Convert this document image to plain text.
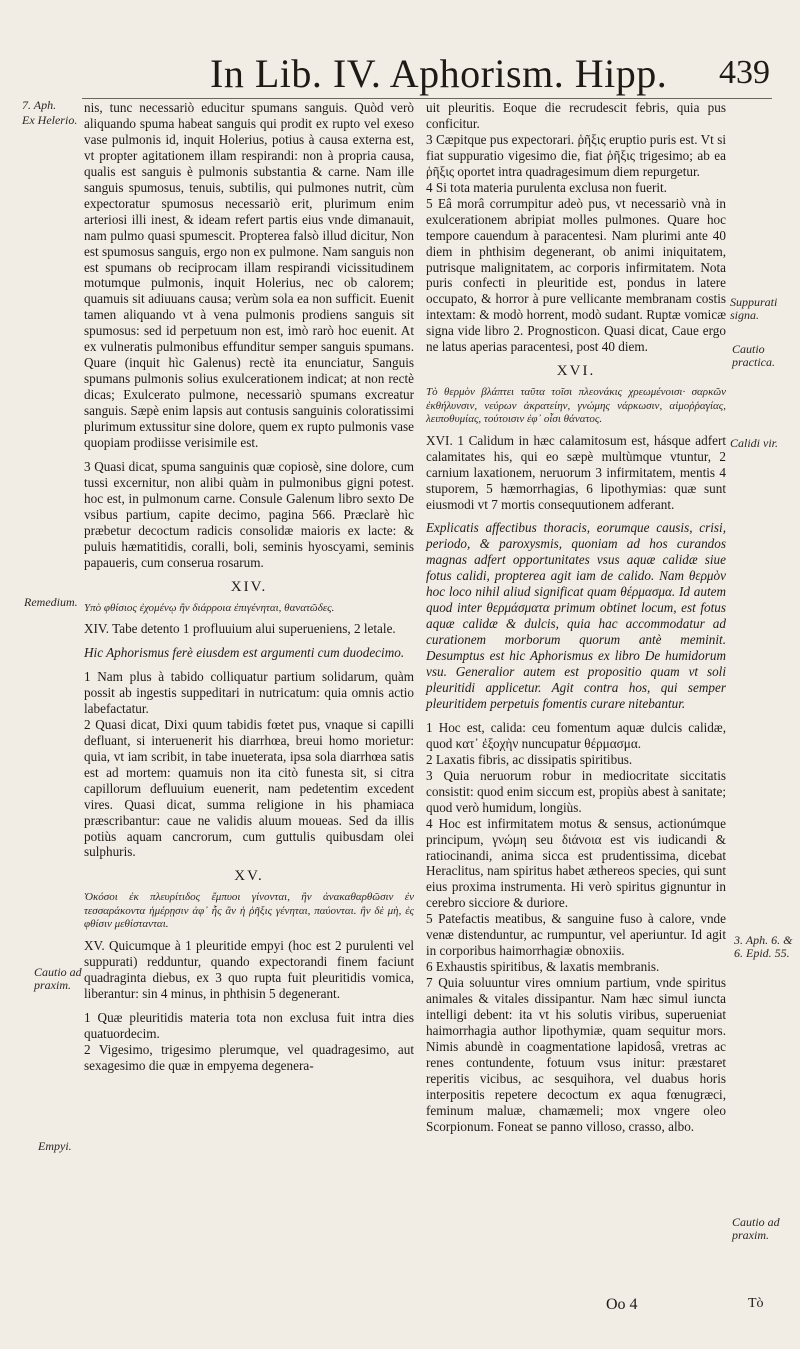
In Lib. IV. Aphorism. Hipp. 439
7. Aph.
Ex Helerio.
Remedium.
Cautio ad praxim.
Empyi.
Suppurati signa.
Cautio practica.
Calidi vir.
3. Aph. 6. & 6. Epid. 55.
Cautio ad praxim.

nis, tunc necessariò educitur spumans sanguis. Quòd verò aliquando spuma habeat sanguis qui prodit ex rupto vel exeso vase pulmonis id, inquit Holerius, potius à causa externa est, vt propter agitationem illam respirandi: non à propria causa, qualis est sanguis è pulmonis substantia & carne. Nam ille sanguis spumosus, tenuis, subtilis, qui pulmones nutrit, cùm expectoratur spumosus necessariò erit, plurimum enim arteriosi illi inest, & ideam refert partis eius vnde dimanauit, nam pulmo quasi spumescit. Propterea falsò illud dicitur, Non est spumosus sanguis, ergo non ex pulmone. Nam sanguis non est spumans ob reciprocam illam respirandi vicissitudinem motumque pulmonis, inquit Holerius, nec ob calorem; quamuis sit adiuuans causa; verùm sola ea non sufficit. Euenit tamen aliquando vt à vena pulmonis prodiens sanguis sit spumosus: sed id perpetuum non est, imò rarò hoc euenit. At ex vulneratis pulmonibus effunditur semper sanguis spumans. Quare (inquit hìc Galenus) rectè ita enunciatur, Sanguis spumans pulmonis solius exulcerationem indicat; at non rectè dicas; Exulcerato pulmone, necessariò spumans excreatur sanguis. Sæpè enim lapsis aut contusis sanguinis coloratissimi plurimum extussitur sine dolore, quem ex rupto pulmonis vase quopiam prodiisse verisimile est.

3 Quasi dicat, spuma sanguinis quæ copiosè, sine dolore, cum tussi excernitur, non alibi quàm in pulmonibus gigni potest. hoc est, in pulmonum carne. Consule Galenum libro sexto De vsibus partium, capite decimo, pagina 566. Præclarè hìc præbetur decoctum radicis consolidæ maioris ex lacte: & puluis hæmatitidis, coralli, boli, seminis hyoscyami, seminis papaueris, cum conserua rosarum.

XIV.

Υπὸ φθίσιος ἐχομένῳ ἢν διάρροια ἐπιγένηται, θανατῶδες.

XIV. Tabe detento 1 profluuium alui superueniens, 2 letale.

Hic Aphorismus ferè eiusdem est argumenti cum duodecimo.

1 Nam plus à tabido colliquatur partium solidarum, quàm possit ab ingestis suppeditari in nutricatum: quia omnis actio labefactatur.

2 Quasi dicat, Dixi quum tabidis fœtet pus, vnaque si capilli defluant, si interuenerit his diarrhœa, breui homo morietur: quia, vt iam scribit, in tabe inueterata, ipsa sola diarrhœa satis est ad mortem: quamuis non ita citò funesta sit, si citra capillorum defluuium euenerit, nam pedetentim excedent vires. Quasi dicat, summa religione in his phamiaca præscribantur: caue ne validis aluum moueas. Sed da illis potiùs aquam cancrorum, cum guttulis quibusdam olei sulphuris.

XV.

Ὁκόσοι ἐκ πλευρίτιδος ἔμπυοι γίνονται, ἢν ἀνακαθαρθῶσιν ἐν τεσσαράκοντα ἡμέρῃσιν ἀφ᾽ ἧς ἂν ἡ ῥῆξις γένηται, παύονται. ἢν δὲ μὴ, ἐς φθίσιν μεθίστανται.

XV. Quicumque à 1 pleuritide empyi (hoc est 2 purulenti vel suppurati) redduntur, quando expectorandi finem faciunt quadraginta diebus, ex 3 quo rupta fuit pleuritidis vomica, liberantur: sin 4 minus, in phthisin 5 degenerant.

1 Quæ pleuritidis materia tota non exclusa fuit intra dies quatuordecim.

2 Vigesimo, trigesimo plerumque, vel quadragesimo, aut sexagesimo die quæ in empyema degenera-

uit pleuritis. Eoque die recrudescit febris, quia pus conficitur.

3 Cæpitque pus expectorari. ῥῆξις eruptio puris est. Vt si fiat suppuratio vigesimo die, fiat ῥῆξις trigesimo; ab ea ῥῆξις oportet intra quadragesimum diem repurgetur.

4 Si tota materia purulenta exclusa non fuerit.

5 Eâ morâ corrumpitur adeò pus, vt necessariò vnà in exulcerationem abripiat molles pulmones. Quare hoc tempore cauendum à paracentesi. Nam plurimi ante 40 diem in phthisim degenerant, ob animi iniquitatem, putrisque malignitatem, ac corporis infirmitatem. Nota puris confecti in pleuritide est, pondus in latere occupato, & horror à pure vellicante membranam costis intextam: & modò horrent, modò sudant. Ruptæ vomicæ signa vide libro 2. Prognosticon. Quasi dicat, Caue ergo ne latus aperias paracentesi, post 40 diem.

XVI.

Τὸ θερμὸν βλάπτει ταῦτα τοῖσι πλεονάκις χρεωμένοισι· σαρκῶν ἐκθήλυνσιν, νεύρων ἀκρατείην, γνώμης νάρκωσιν, αἱμοῤῥαγίας, λειποθυμίας, τούτοισιν ἐφ᾽ οἷσι θάνατος.

XVI. 1 Calidum in hæc calamitosum est, hásque adfert calamitates his, qui eo sæpè multùmque vtuntur, 2 carnium laxationem, neruorum 3 infirmitatem, mentis 4 stuporem, 5 hæmorrhagias, 6 lipothymias: quæ sunt eiusmodi vt 7 mortis consequutionem adferant.

Explicatis affectibus thoracis, eorumque causis, crisi, periodo, & paroxysmis, quoniam ad hos curandos magnas adfert opportunitates vsus aquæ calidæ siue fotus calidi, propterea agit iam de calido. Nam θερμὸν hoc loco nihil aliud significat quam θέρμασμα. Id autem quod inter θερμάσματα primum obtinet locum, est fotus aquæ calidæ & dulcis, quia hac accommodatur ad curationem morborum quorum antè meminit. Desumptus est hic Aphorismus ex libro De humidorum vsu. Generalior autem est propositio quam vt soli pleuritidi applicetur. Agit contra hos, qui semper pleuritidem perpetuis fomentis curare nitebantur.

1 Hoc est, calida: ceu fomentum aquæ dulcis calidæ, quod κατ᾽ ἐξοχὴν nuncupatur θέρμασμα.

2 Laxatis fibris, ac dissipatis spiritibus.

3 Quia neruorum robur in mediocritate siccitatis consistit: quod enim siccum est, propiùs abest à sanitate; quod verò humidum, longiùs.

4 Hoc est infirmitatem motus & sensus, actionúmque principum, γνώμη seu διάνοια est vis iudicandi & ratiocinandi, anima sicca est prudentissima, dicebat Heraclitus, nam spiritus habet æthereos species, qui sunt eius proxima instrumenta. Hi verò spiritus gignuntur in cerebro sicciore & duriore.

5 Patefactis meatibus, & sanguine fuso à calore, vnde venæ distenduntur, ac rumpuntur, vel aperiuntur. Id agit in corporibus haimorrhagiæ obnoxiis.

6 Exhaustis spiritibus, & laxatis membranis.

7 Quia soluuntur vires omnium partium, vnde spiritus animales & vitales dissipantur. Nam hæc simul iuncta intelligi debent: ita vt his solutis viribus, superueniat haimorrhagia author lipothymiæ, quam sequitur mors. Nimis abundè in coagmentatione lapidosâ, vretras ac renes contundente, fotuum vsus initur: præstaret reperitis vicibus, ac sesquihora, vel duabus horis interpositis repetere decoctum ex aqua fœnugræci, feminum maluæ, chamæmeli; mox vngere oleo Scorpionum. Foneat se panno villoso, crasso, albo.

Oo 4	Tò
